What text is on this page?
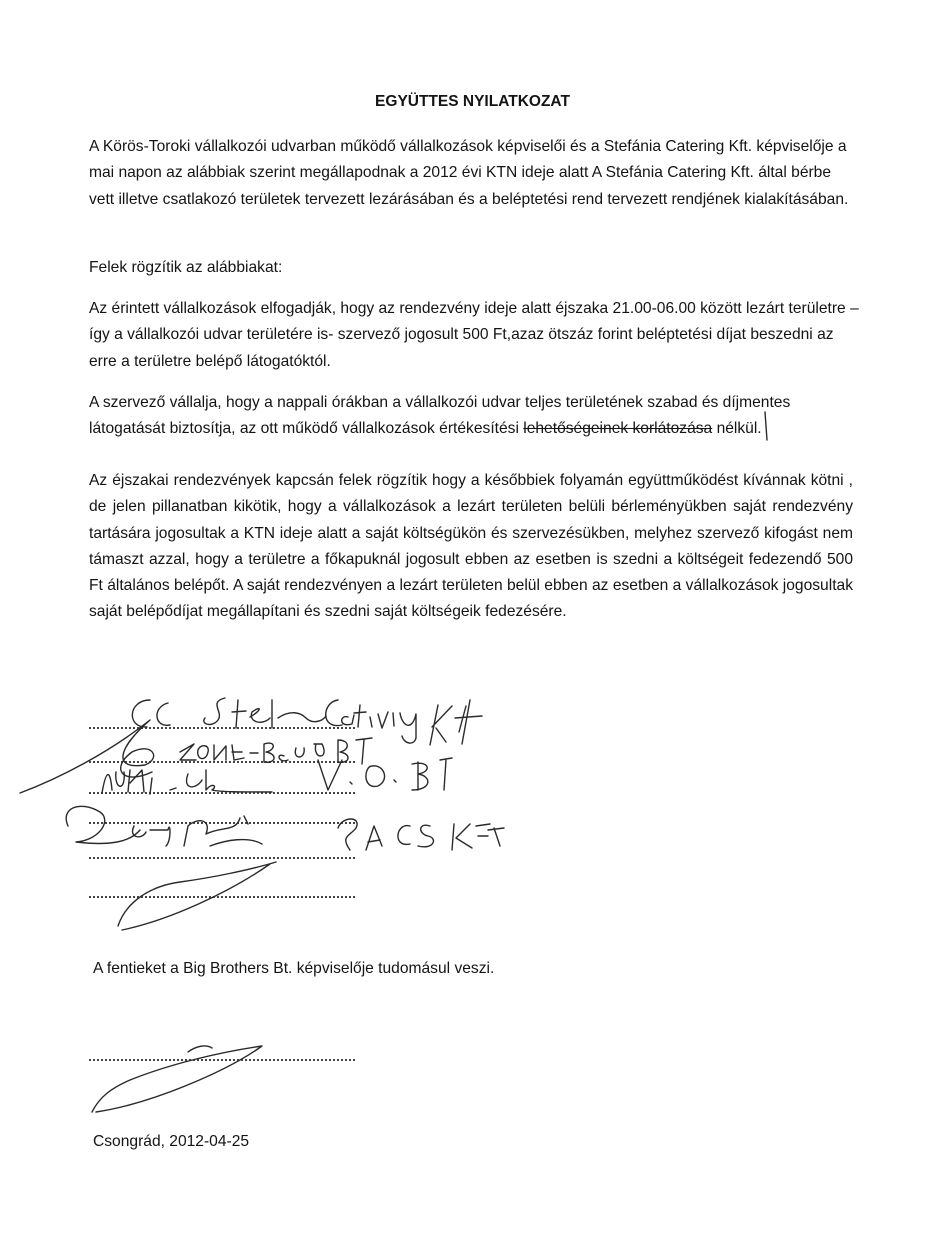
EGYÜTTES NYILATKOZAT

A Körös-Toroki vállalkozói udvarban működő vállalkozások képviselői és a Stefánia Catering Kft. képviselője a mai napon az alábbiak szerint megállapodnak a 2012 évi KTN ideje alatt A Stefánia Catering Kft. által bérbe vett illetve csatlakozó területek tervezett lezárásában és a beléptetési rend tervezett rendjének kialakításában.

Felek rögzítik az alábbiakat:

Az érintett vállalkozások elfogadják, hogy az rendezvény ideje alatt éjszaka 21.00-06.00 között lezárt területre – így a vállalkozói udvar területére is- szervező jogosult 500 Ft,azaz ötszáz forint beléptetési díjat beszedni az erre a területre belépő látogatóktól.

A szervező vállalja, hogy a nappali órákban a vállalkozói udvar teljes területének szabad és díjmentes látogatását biztosítja, az ott működő vállalkozások értékesítési lehetőségeinek korlátozása nélkül.

Az éjszakai rendezvények kapcsán felek rögzítik hogy a későbbiek folyamán együttműködést kívánnak kötni , de jelen pillanatban kikötik, hogy a vállalkozások a lezárt területen belüli bérleményükben saját rendezvény tartására jogosultak a KTN ideje alatt a saját költségükön és szervezésükben, melyhez szervező kifogást nem támaszt azzal, hogy a területre a főkapuknál jogosult ebben az esetben is szedni a költségeit fedezendő 500 Ft általános belépőt. A saját rendezvényen a lezárt területen belül ebben az esetben a vállalkozások jogosultak saját belépődíjat megállapítani és szedni saját költségeik fedezésére.

A fentieket a Big Brothers Bt. képviselője tudomásul veszi.
Csongrád, 2012-04-25
